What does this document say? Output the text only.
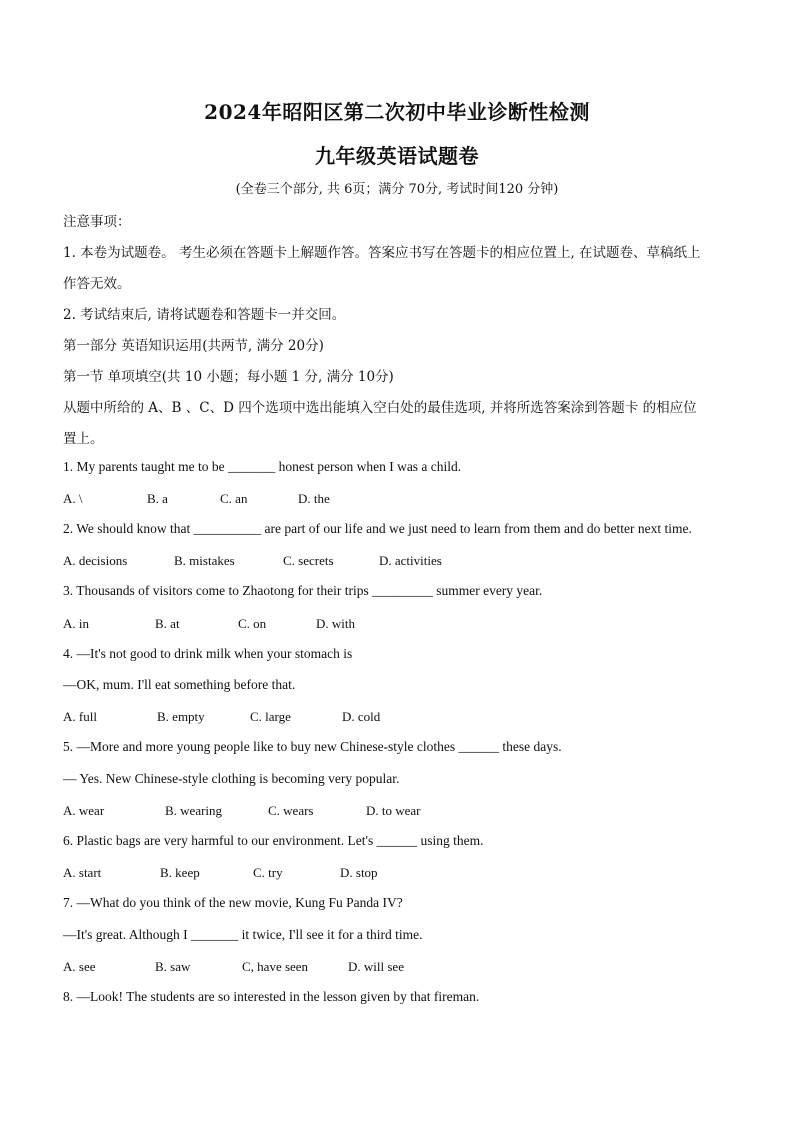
2024年昭阳区第二次初中毕业诊断性检测
九年级英语试题卷
(全卷三个部分, 共 6页；满分 70分, 考试时间120 分钟)
注意事项：
1. 本卷为试题卷。 考生必须在答题卡上解题作答。答案应书写在答题卡的相应位置上, 在试题卷、草稿纸上
作答无效。
2. 考试结束后, 请将试题卷和答题卡一并交回。
第一部分 英语知识运用(共两节, 满分 20分)
第一节 单项填空(共 10 小题；每小题 1 分, 满分 10分)
从题中所给的 A、B 、C、D 四个选项中选出能填入空白处的最佳选项, 并将所选答案涂到答题卡 的相应位
置上。
1. My parents taught me to be _______ honest person when I was a child.
A. \	B. a	C. an	D. the
2. We should know that __________ are part of our life and we just need to learn from them and do better next time.
A. decisions	B. mistakes	C. secrets	D. activities
3. Thousands of visitors come to Zhaotong for their trips _________ summer every year.
A. in	B. at	C. on	D. with
4. —It's not good to drink milk when your stomach is
—OK, mum. I'll eat something before that.
A. full	B. empty	C. large	D. cold
5. —More and more young people like to buy new Chinese-style clothes ______ these days.
— Yes. New Chinese-style clothing is becoming very popular.
A. wear	B. wearing	C. wears	D. to wear
6. Plastic bags are very harmful to our environment. Let's ______ using them.
A. start	B. keep	C. try	D. stop
7. —What do you think of the new movie, Kung Fu Panda IV?
—It's great. Although I _______ it twice, I'll see it for a third time.
A. see	B. saw	C, have seen	D. will see
8. —Look! The students are so interested in the lesson given by that fireman.
